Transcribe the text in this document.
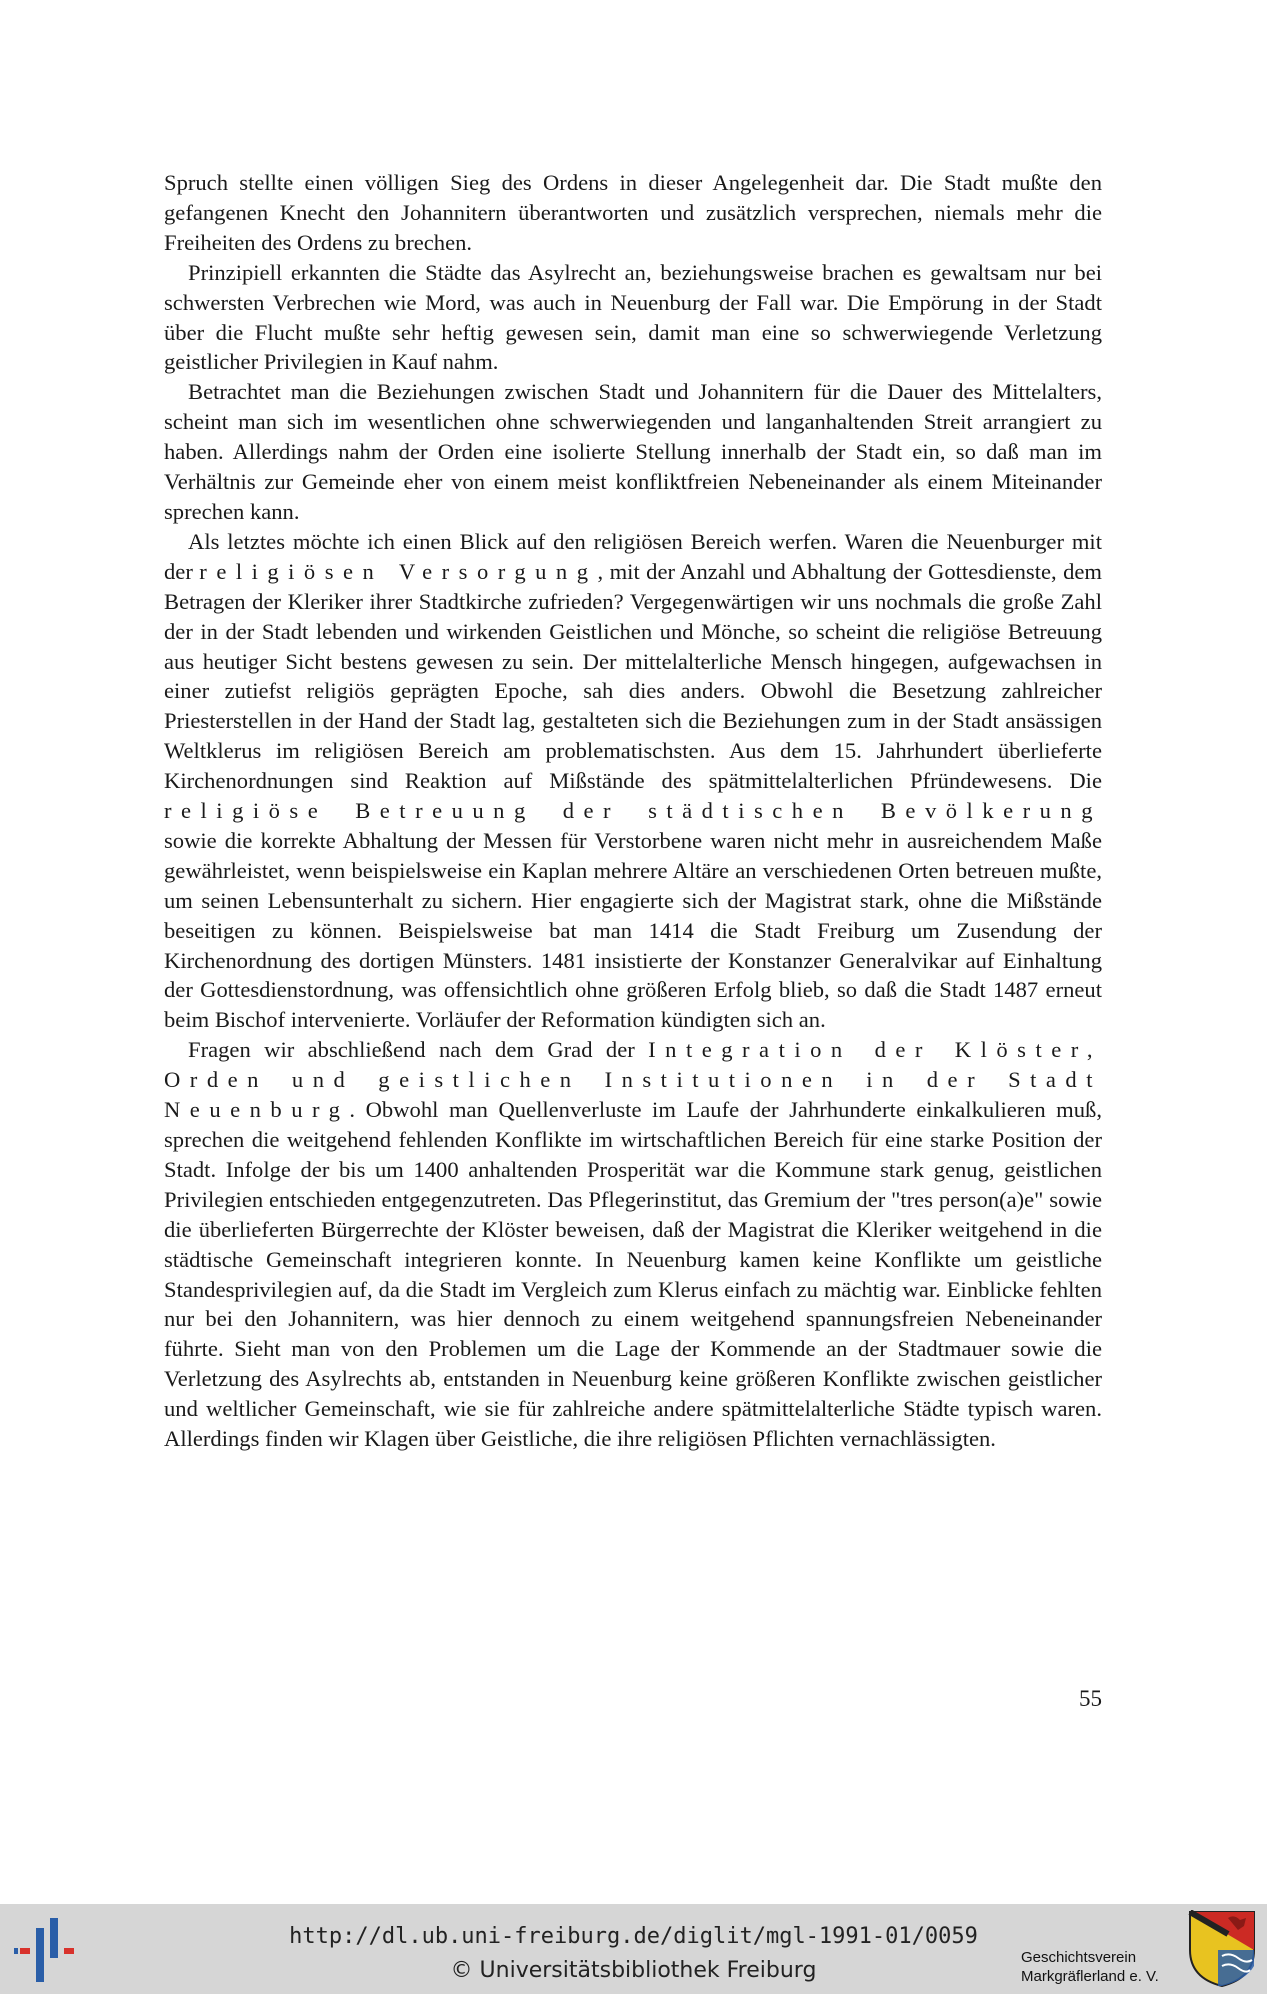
Spruch stellte einen völligen Sieg des Ordens in dieser Angelegenheit dar. Die Stadt mußte den gefangenen Knecht den Johannitern überantworten und zusätzlich versprechen, niemals mehr die Freiheiten des Ordens zu brechen.

Prinzipiell erkannten die Städte das Asylrecht an, beziehungsweise brachen es gewaltsam nur bei schwersten Verbrechen wie Mord, was auch in Neuenburg der Fall war. Die Empörung in der Stadt über die Flucht mußte sehr heftig gewesen sein, damit man eine so schwerwiegende Verletzung geistlicher Privilegien in Kauf nahm.

Betrachtet man die Beziehungen zwischen Stadt und Johannitern für die Dauer des Mittelalters, scheint man sich im wesentlichen ohne schwerwiegenden und langanhaltenden Streit arrangiert zu haben. Allerdings nahm der Orden eine isolierte Stellung innerhalb der Stadt ein, so daß man im Verhältnis zur Gemeinde eher von einem meist konfliktfreien Nebeneinander als einem Miteinander sprechen kann.

Als letztes möchte ich einen Blick auf den religiösen Bereich werfen. Waren die Neuenburger mit der religiösen Versorgung, mit der Anzahl und Abhaltung der Gottesdienste, dem Betragen der Kleriker ihrer Stadtkirche zufrieden? Vergegenwärtigen wir uns nochmals die große Zahl der in der Stadt lebenden und wirkenden Geistlichen und Mönche, so scheint die religiöse Betreuung aus heutiger Sicht bestens gewesen zu sein. Der mittelalterliche Mensch hingegen, aufgewachsen in einer zutiefst religiös geprägten Epoche, sah dies anders. Obwohl die Besetzung zahlreicher Priesterstellen in der Hand der Stadt lag, gestalteten sich die Beziehungen zum in der Stadt ansässigen Weltklerus im religiösen Bereich am problematischsten. Aus dem 15. Jahrhundert überlieferte Kirchenordnungen sind Reaktion auf Mißstände des spätmittelalterlichen Pfründewesens. Die religiöse Betreuung der städtischen Bevölkerung sowie die korrekte Abhaltung der Messen für Verstorbene waren nicht mehr in ausreichendem Maße gewährleistet, wenn beispielsweise ein Kaplan mehrere Altäre an verschiedenen Orten betreuen mußte, um seinen Lebensunterhalt zu sichern. Hier engagierte sich der Magistrat stark, ohne die Mißstände beseitigen zu können. Beispielsweise bat man 1414 die Stadt Freiburg um Zusendung der Kirchenordnung des dortigen Münsters. 1481 insistierte der Konstanzer Generalvikar auf Einhaltung der Gottesdienstordnung, was offensichtlich ohne größeren Erfolg blieb, so daß die Stadt 1487 erneut beim Bischof intervenierte. Vorläufer der Reformation kündigten sich an.

Fragen wir abschließend nach dem Grad der Integration der Klöster, Orden und geistlichen Institutionen in der Stadt Neuenburg. Obwohl man Quellenverluste im Laufe der Jahrhunderte einkalkulieren muß, sprechen die weitgehend fehlenden Konflikte im wirtschaftlichen Bereich für eine starke Position der Stadt. Infolge der bis um 1400 anhaltenden Prosperität war die Kommune stark genug, geistlichen Privilegien entschieden entgegenzutreten. Das Pflegerinstitut, das Gremium der "tres person(a)e" sowie die überlieferten Bürgerrechte der Klöster beweisen, daß der Magistrat die Kleriker weitgehend in die städtische Gemeinschaft integrieren konnte. In Neuenburg kamen keine Konflikte um geistliche Standesprivilegien auf, da die Stadt im Vergleich zum Klerus einfach zu mächtig war. Einblicke fehlten nur bei den Johannitern, was hier dennoch zu einem weitgehend spannungsfreien Nebeneinander führte. Sieht man von den Problemen um die Lage der Kommende an der Stadtmauer sowie die Verletzung des Asylrechts ab, entstanden in Neuenburg keine größeren Konflikte zwischen geistlicher und weltlicher Gemeinschaft, wie sie für zahlreiche andere spätmittelalterliche Städte typisch waren. Allerdings finden wir Klagen über Geistliche, die ihre religiösen Pflichten vernachlässigten.

55
http://dl.ub.uni-freiburg.de/diglit/mgl-1991-01/0059
© Universitätsbibliothek Freiburg
Geschichtsverein
Markgräflerland e. V.
